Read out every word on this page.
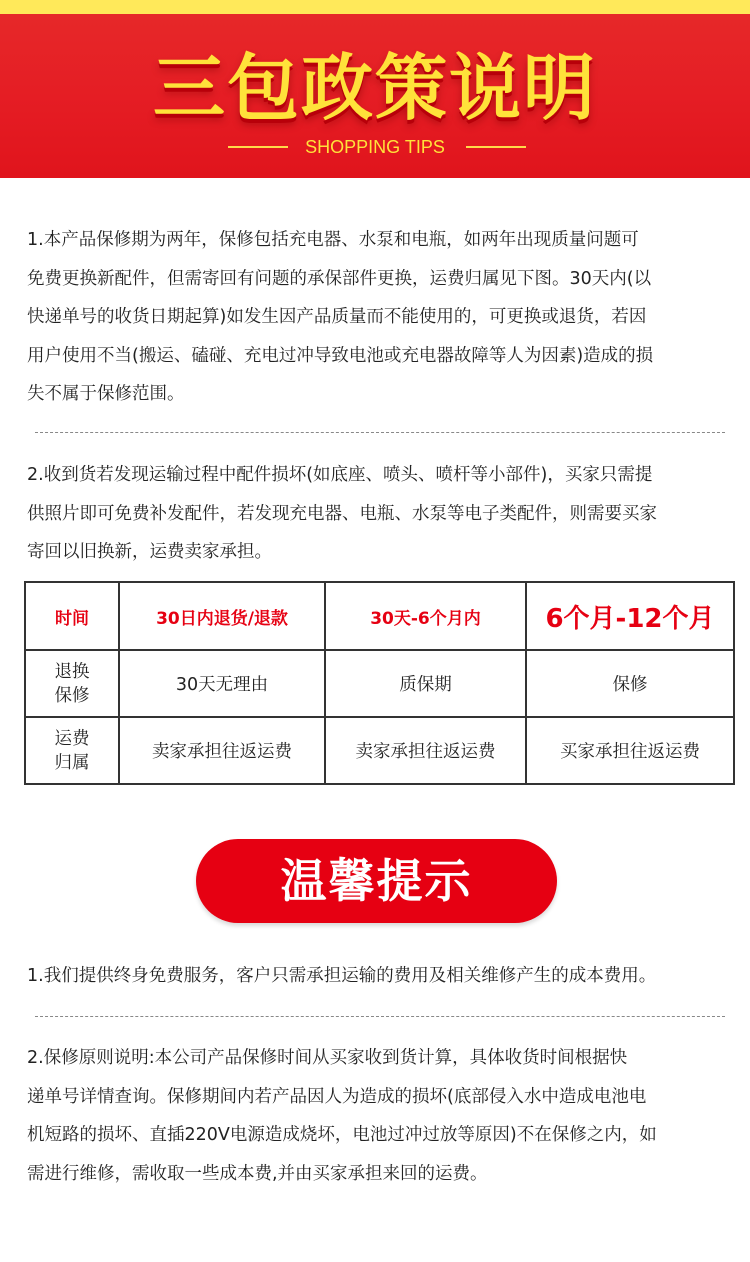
三包政策说明
SHOPPING TIPS
1.本产品保修期为两年，保修包括充电器、水泵和电瓶，如两年出现质量问题可
免费更换新配件，但需寄回有问题的承保部件更换，运费归属见下图。30天内(以
快递单号的收货日期起算)如发生因产品质量而不能使用的，可更换或退货，若因
用户使用不当(搬运、磕碰、充电过冲导致电池或充电器故障等人为因素)造成的损
失不属于保修范围。
2.收到货若发现运输过程中配件损坏(如底座、喷头、喷杆等小部件)，买家只需提
供照片即可免费补发配件，若发现充电器、电瓶、水泵等电子类配件，则需要买家
寄回以旧换新，运费卖家承担。
时间	30日内退货/退款	30天-6个月内	6个月-12个月

退换
保修	30天无理由	质保期	保修

运费
归属	卖家承担往返运费	卖家承担往返运费	买家承担往返运费
温馨提示
1.我们提供终身免费服务，客户只需承担运输的费用及相关维修产生的成本费用。
2.保修原则说明:本公司产品保修时间从买家收到货计算，具体收货时间根据快
递单号详情查询。保修期间内若产品因人为造成的损坏(底部侵入水中造成电池电
机短路的损坏、直插220V电源造成烧坏，电池过冲过放等原因)不在保修之内，如
需进行维修，需收取一些成本费,并由买家承担来回的运费。
